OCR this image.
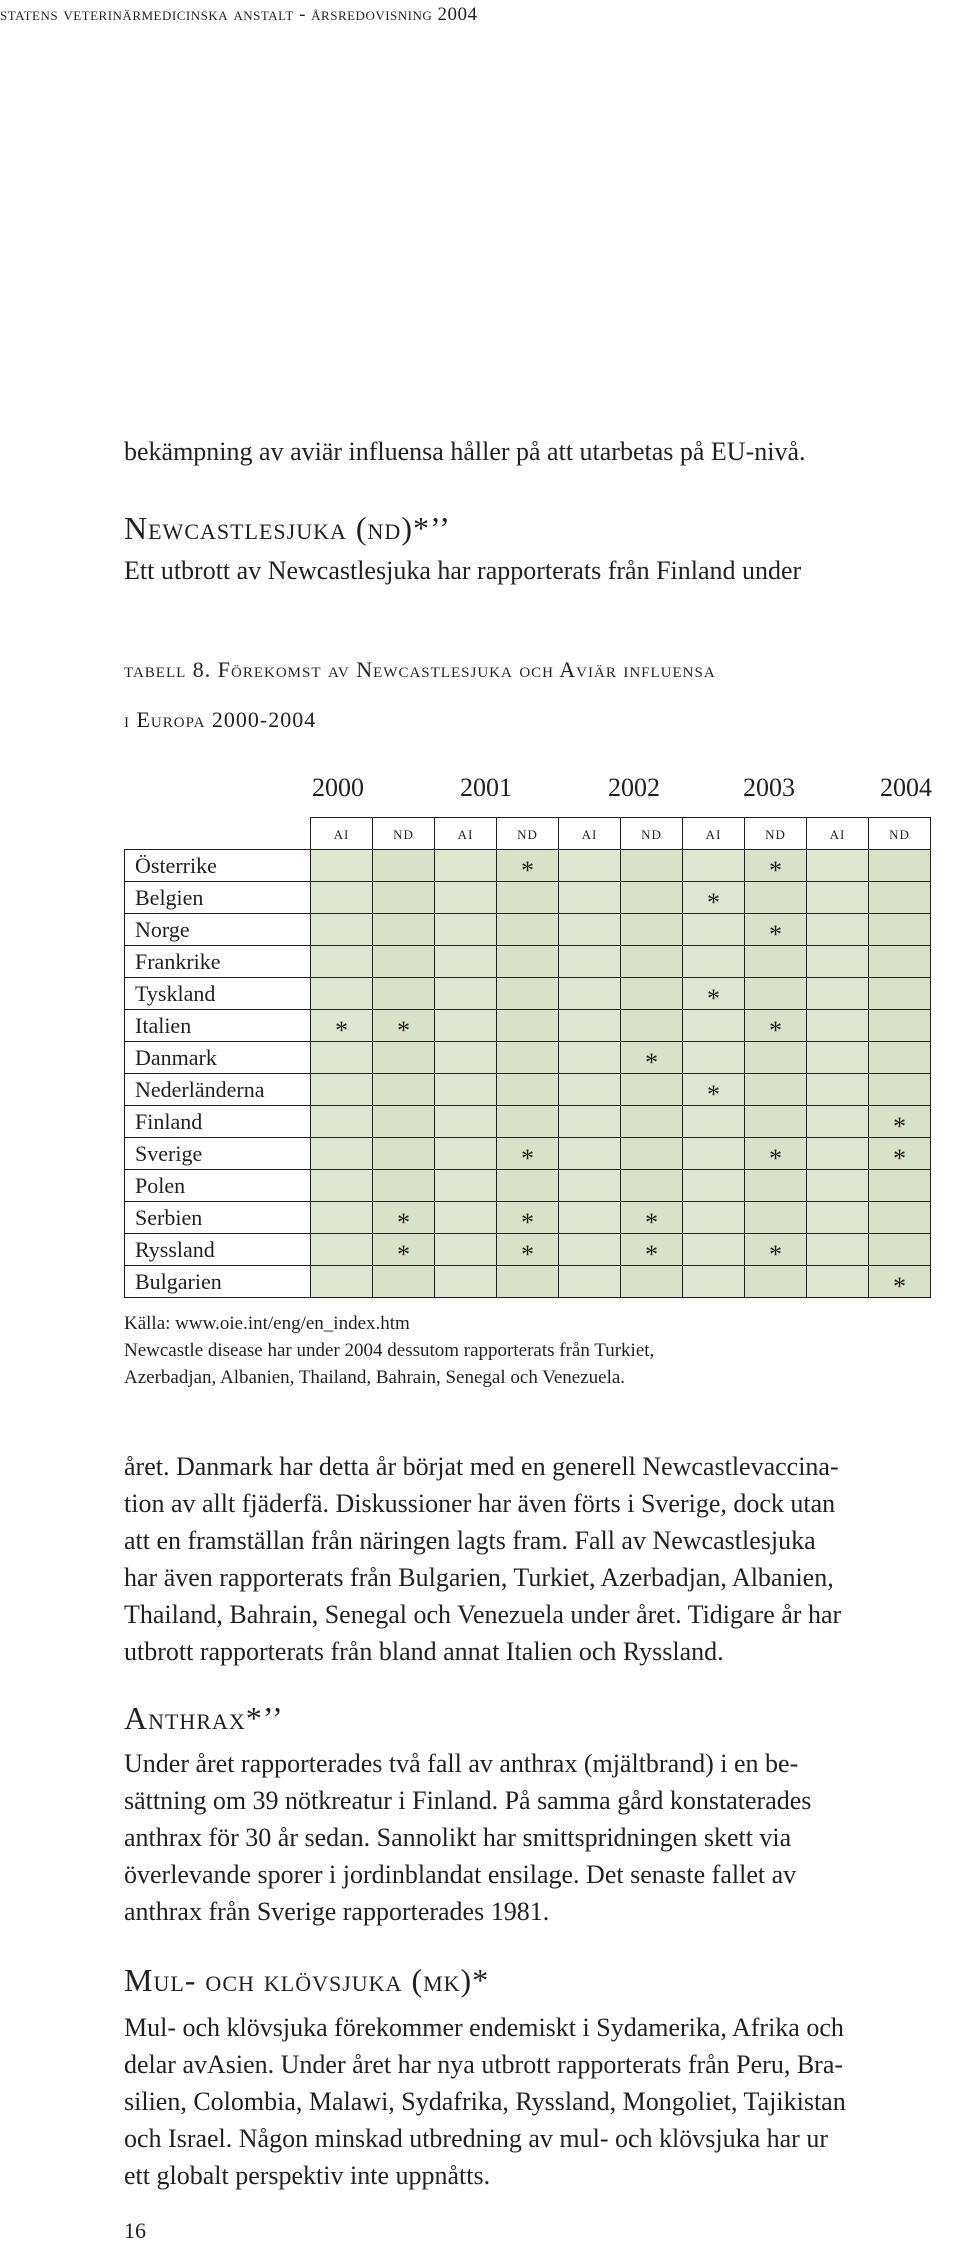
statens veterinärmedicinska anstalt - årsredovisning 2004
bekämpning av aviär influensa håller på att utarbetas på EU-nivå.
Newcastlesjuka (nd)*’’
Ett utbrott av Newcastlesjuka har rapporterats från Finland under
tabell 8. Förekomst av Newcastlesjuka och Aviär influensa
i Europa 2000-2004
2000	2001	2002	2003	2004
	ai	nd	ai	nd	ai	nd	ai	nd	ai	nd
Österrike				*				*		
Belgien							*			
Norge								*		
Frankrike										
Tyskland							*			
Italien	*	*						*		
Danmark						*				
Nederländerna							*			
Finland										*
Sverige				*				*		*
Polen										
Serbien		*		*		*				
Ryssland		*		*		*		*		
Bulgarien										*
Källa: www.oie.int/eng/en_index.htm
Newcastle disease har under 2004 dessutom rapporterats från Turkiet,
Azerbadjan, Albanien, Thailand, Bahrain, Senegal och Venezuela.
året. Danmark har detta år börjat med en generell Newcastlevaccina-
tion av allt fjäderfä. Diskussioner har även förts i Sverige, dock utan
att en framställan från näringen lagts fram. Fall av Newcastlesjuka
har även rapporterats från Bulgarien, Turkiet, Azerbadjan, Albanien,
Thailand, Bahrain, Senegal och Venezuela under året. Tidigare år har
utbrott rapporterats från bland annat Italien och Ryssland.
Anthrax*’’
Under året rapporterades två fall av anthrax (mjältbrand) i en be-
sättning om 39 nötkreatur i Finland. På samma gård konstaterades
anthrax för 30 år sedan. Sannolikt har smittspridningen skett via
överlevande sporer i jordinblandat ensilage. Det senaste fallet av
anthrax från Sverige rapporterades 1981.
Mul- och klövsjuka (mk)*
Mul- och klövsjuka förekommer endemiskt i Sydamerika, Afrika och
delar avAsien. Under året har nya utbrott rapporterats från Peru, Bra-
silien, Colombia, Malawi, Sydafrika, Ryssland, Mongoliet, Tajikistan
och Israel. Någon minskad utbredning av mul- och klövsjuka har ur
ett globalt perspektiv inte uppnåtts.
16
